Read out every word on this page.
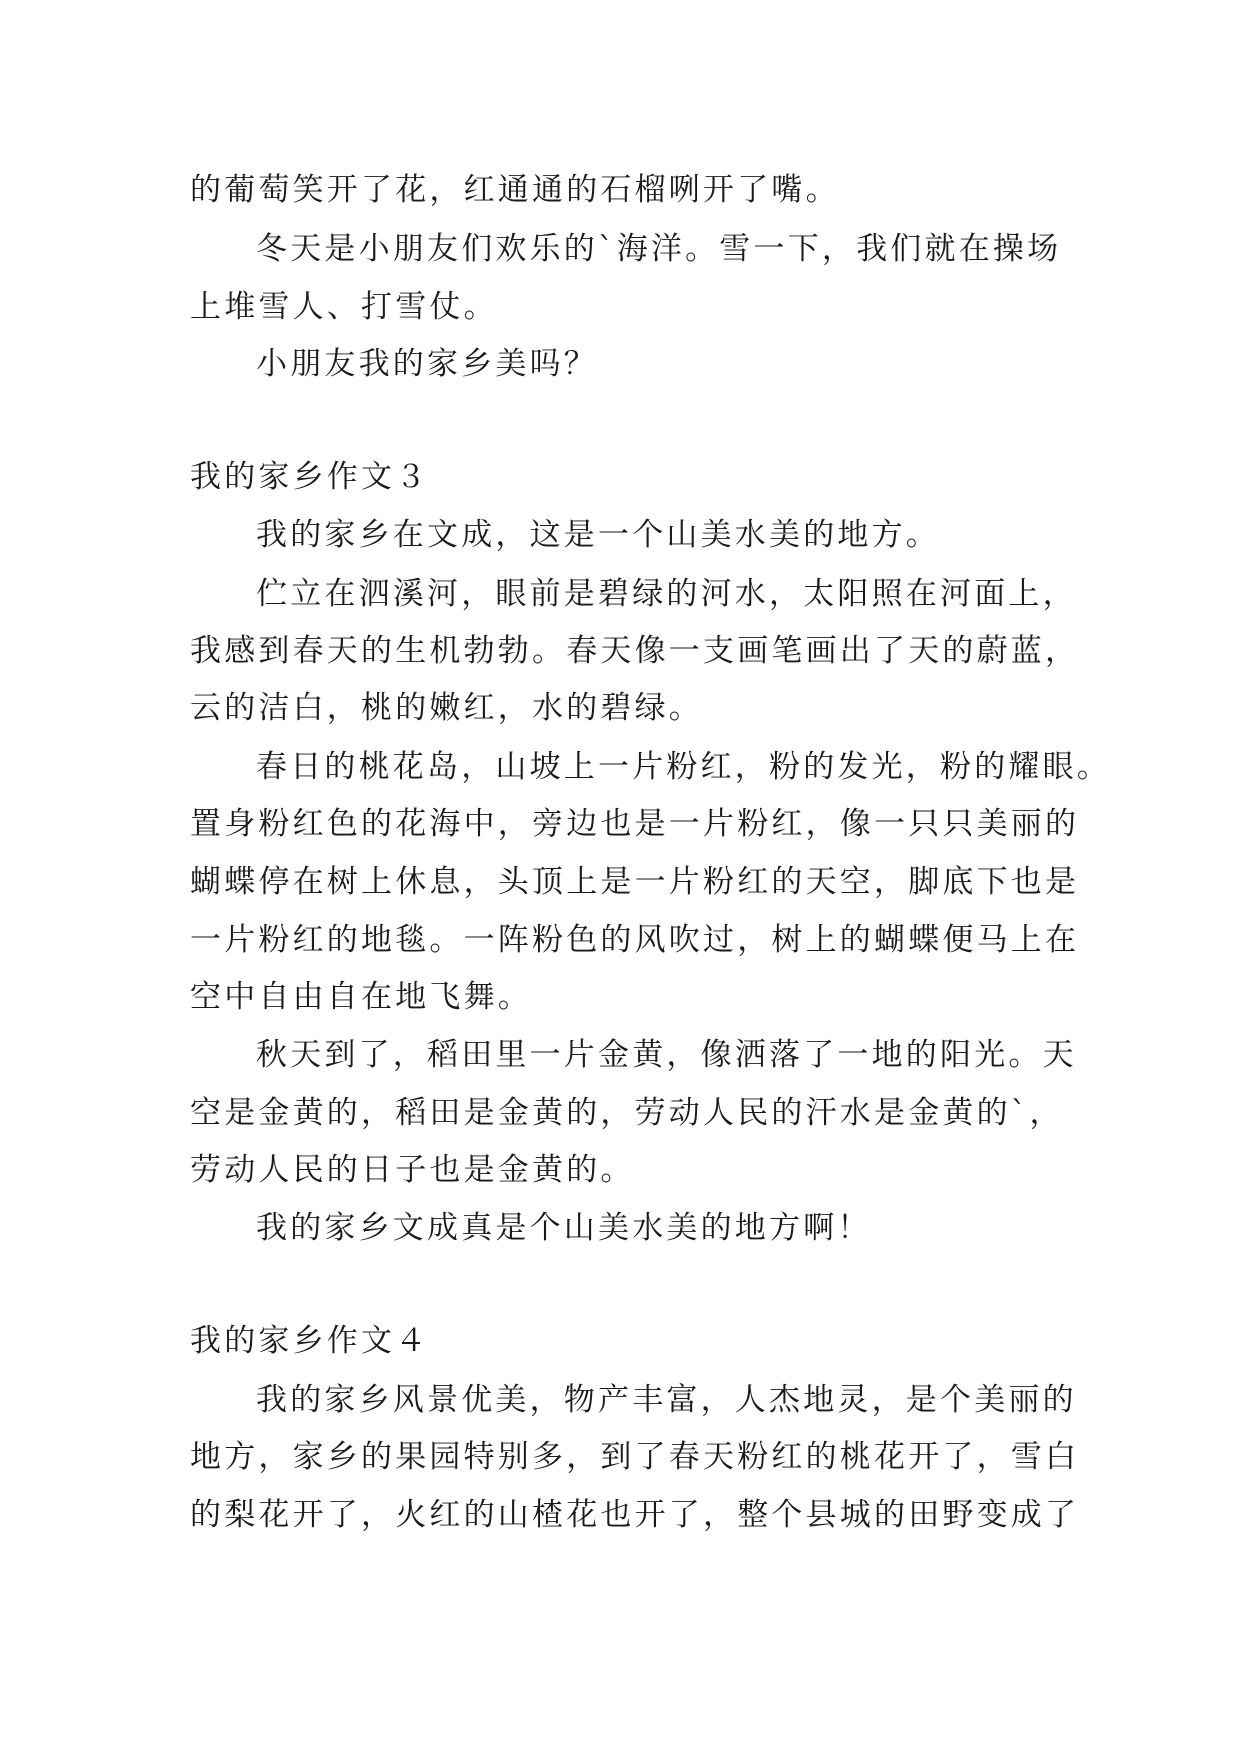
的葡萄笑开了花，红通通的石榴咧开了嘴。
冬天是小朋友们欢乐的`海洋。雪一下，我们就在操场
上堆雪人、打雪仗。
小朋友我的家乡美吗？
我的家乡作文３
我的家乡在文成，这是一个山美水美的地方。
伫立在泗溪河，眼前是碧绿的河水，太阳照在河面上，
我感到春天的生机勃勃。春天像一支画笔画出了天的蔚蓝，
云的洁白，桃的嫩红，水的碧绿。
春日的桃花岛，山坡上一片粉红，粉的发光，粉的耀眼。
置身粉红色的花海中，旁边也是一片粉红，像一只只美丽的
蝴蝶停在树上休息，头顶上是一片粉红的天空，脚底下也是
一片粉红的地毯。一阵粉色的风吹过，树上的蝴蝶便马上在
空中自由自在地飞舞。
秋天到了，稻田里一片金黄，像洒落了一地的阳光。天
空是金黄的，稻田是金黄的，劳动人民的汗水是金黄的`，
劳动人民的日子也是金黄的。
我的家乡文成真是个山美水美的地方啊！
我的家乡作文４
我的家乡风景优美，物产丰富，人杰地灵，是个美丽的
地方，家乡的果园特别多，到了春天粉红的桃花开了，雪白
的梨花开了，火红的山楂花也开了，整个县城的田野变成了
